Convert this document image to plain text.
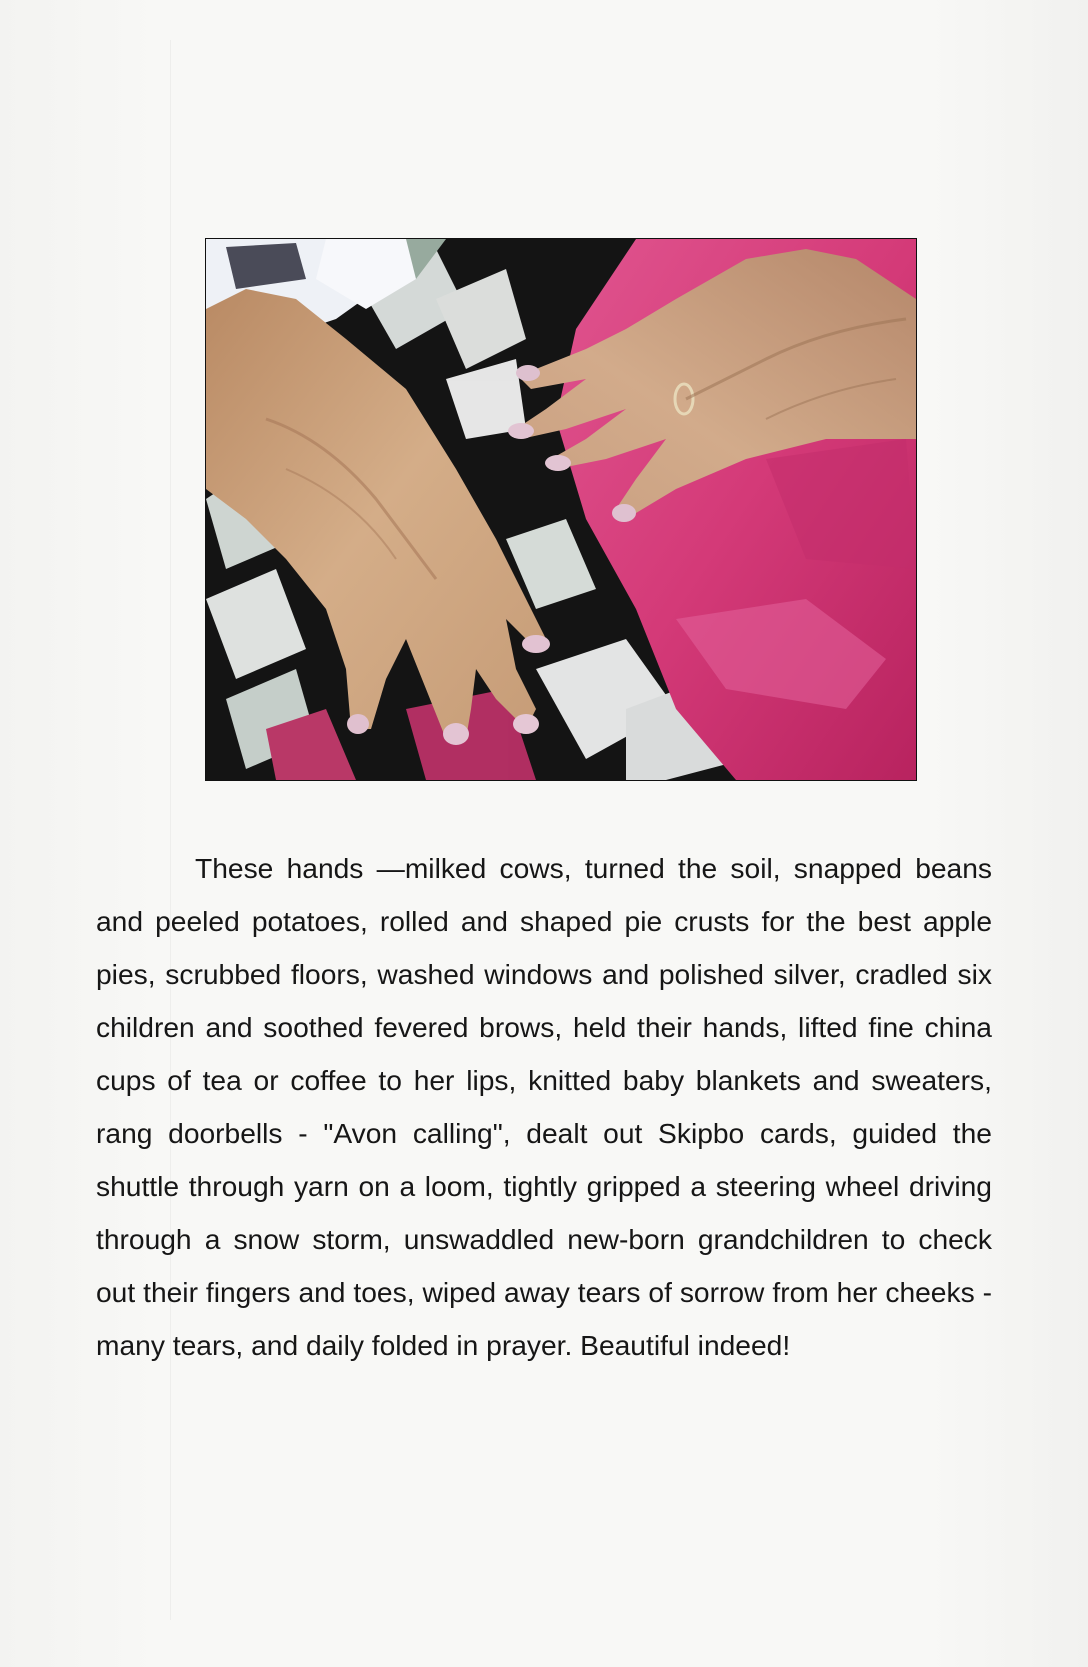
These hands —milked cows, turned the soil, snapped beans and peeled potatoes, rolled and shaped pie crusts for the best apple pies, scrubbed floors, washed windows and polished silver, cradled six children and soothed fevered brows, held their hands, lifted fine china cups of tea or coffee to her lips, knitted baby blankets and sweaters, rang doorbells - "Avon calling", dealt out Skipbo cards, guided the shuttle through yarn on a loom, tightly gripped a steering wheel driving through a snow storm, unswaddled new-born grandchildren to check out their fingers and toes, wiped away tears of sorrow from her cheeks - many tears, and daily folded in prayer. Beautiful indeed!
